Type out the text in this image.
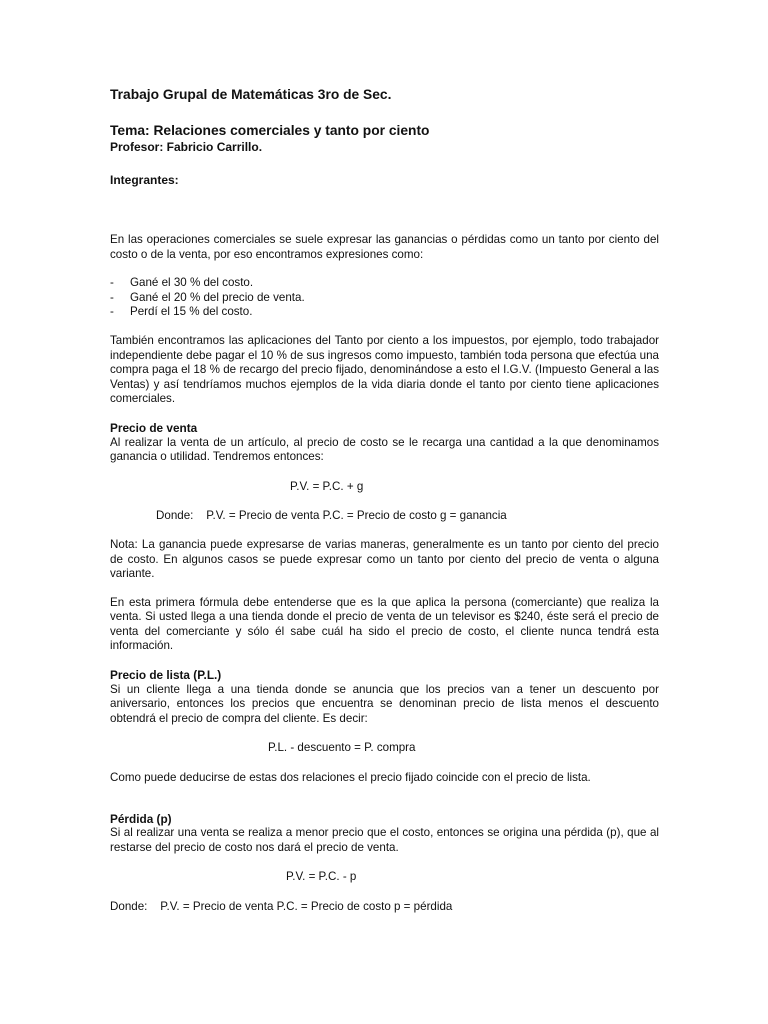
Trabajo Grupal de Matemáticas 3ro de Sec.

Tema: Relaciones comerciales y tanto por ciento

Profesor: Fabricio Carrillo.

Integrantes:

En las operaciones comerciales se suele expresar las ganancias o pérdidas como un tanto por ciento del costo o de la venta, por eso encontramos expresiones como:

- Gané el 30 % del costo.
- Gané el 20 % del precio de venta.
- Perdí el 15 % del costo.

También encontramos las aplicaciones del Tanto por ciento a los impuestos, por ejemplo, todo trabajador independiente debe pagar el 10 % de sus ingresos como impuesto, también toda persona que efectúa una compra paga el 18 % de recargo del precio fijado, denominándose a esto el I.G.V. (Impuesto General a las Ventas) y así tendríamos muchos ejemplos de la vida diaria donde el tanto por ciento tiene aplicaciones comerciales.

Precio de venta

Al realizar la venta de un artículo, al precio de costo se le recarga una cantidad a la que denominamos ganancia o utilidad. Tendremos entonces:

P.V. = P.C. + g

Donde:    P.V. = Precio de venta P.C. = Precio de costo g = ganancia

Nota: La ganancia puede expresarse de varias maneras, generalmente es un tanto por ciento del precio de costo. En algunos casos se puede expresar como un tanto por ciento del precio de venta o alguna variante.

En esta primera fórmula debe entenderse que es la que aplica la persona (comerciante) que realiza la venta. Si usted llega a una tienda donde el precio de venta de un televisor es $240, éste será el precio de venta del comerciante y sólo él sabe cuál ha sido el precio de costo, el cliente nunca tendrá esta información.

Precio de lista (P.L.)

Si un cliente llega a una tienda donde se anuncia que los precios van a tener un descuento por aniversario, entonces los precios que encuentra se denominan precio de lista menos el descuento obtendrá el precio de compra del cliente. Es decir:

P.L. - descuento = P. compra

Como puede deducirse de estas dos relaciones el precio fijado coincide con el precio de lista.

Pérdida (p)

Si al realizar una venta se realiza a menor precio que el costo, entonces se origina una pérdida (p), que al restarse del precio de costo nos dará el precio de venta.

P.V. = P.C. - p

Donde:    P.V. = Precio de venta P.C. = Precio de costo p = pérdida
